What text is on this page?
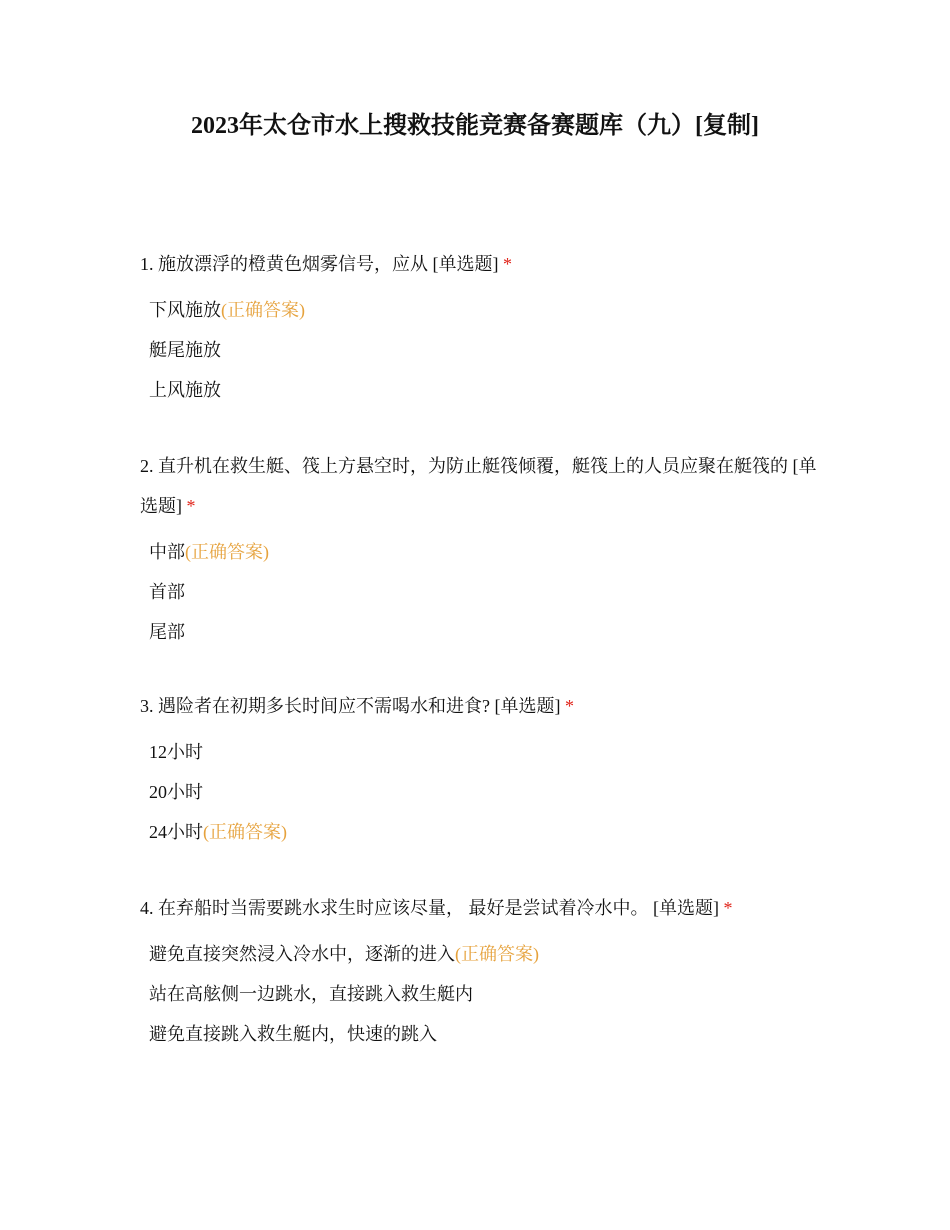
2023年太仓市水上搜救技能竞赛备赛题库（九）[复制]
1. 施放漂浮的橙黄色烟雾信号，应从 [单选题] *
下风施放(正确答案)
艇尾施放
上风施放
2. 直升机在救生艇、筏上方悬空时，为防止艇筏倾覆，艇筏上的人员应聚在艇筏的 [单选题] *
中部(正确答案)
首部
尾部
3. 遇险者在初期多长时间应不需喝水和进食? [单选题] *
12小时
20小时
24小时(正确答案)
4. 在弃船时当需要跳水求生时应该尽量， 最好是尝试着冷水中。 [单选题] *
避免直接突然浸入冷水中，逐渐的进入(正确答案)
站在高舷侧一边跳水，直接跳入救生艇内
避免直接跳入救生艇内，快速的跳入
